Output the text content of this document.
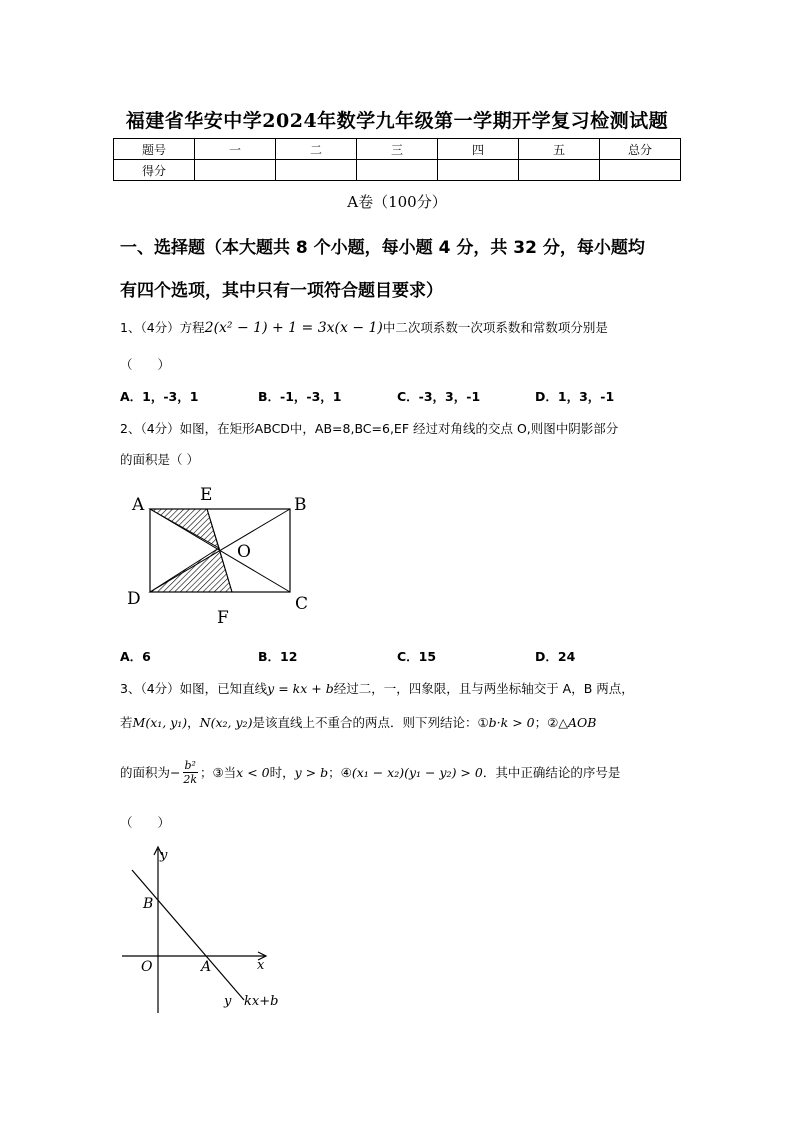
福建省华安中学2024年数学九年级第一学期开学复习检测试题
题号	一	二	三	四	五	总分
得分						
A卷（100分）
一、选择题（本大题共 8 个小题，每小题 4 分，共 32 分，每小题均
有四个选项，其中只有一项符合题目要求）
1、（4分）方程2(x² − 1) + 1 = 3x(x − 1)中二次项系数一次项系数和常数项分别是
（　　）
A．1，-3，1	B．-1，-3，1	C．-3，3，-1	D．1，3，-1
2、（4分）如图，在矩形ABCD中，AB=8,BC=6,EF 经过对角线的交点 O,则图中阴影部分
的面积是（ ）
A	E	B
O
D
F
C
A．6	B．12	C．15	D．24
3、（4分）如图，已知直线y = kx + b经过二，一，四象限，且与两坐标轴交于 A，B 两点，
若M(x₁, y₁)，N(x₂, y₂)是该直线上不重合的两点．则下列结论：①b·k > 0；②△AOB
的面积为 − $\frac{\text{b²}}{2k}$ ；③当 x < 0 时， y > b ；④ (x₁ − x₂)(y₁ − y₂) > 0 ．其中正确结论的序号是
（　　）
y
B
O	A	x
y kx+b
